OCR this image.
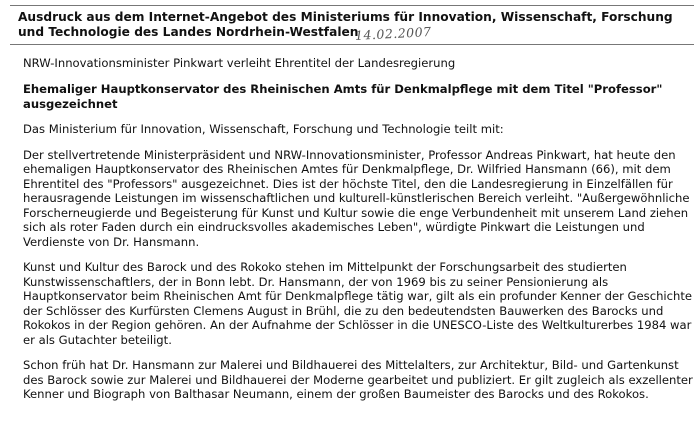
Ausdruck aus dem Internet-Angebot des Ministeriums für Innovation, Wissenschaft, Forschung und Technologie des Landes Nordrhein-Westfalen

14.02.2007

NRW-Innovationsminister Pinkwart verleiht Ehrentitel der Landesregierung

Ehemaliger Hauptkonservator des Rheinischen Amts für Denkmalpflege mit dem Titel "Professor" ausgezeichnet

Das Ministerium für Innovation, Wissenschaft, Forschung und Technologie teilt mit:

Der stellvertretende Ministerpräsident und NRW-Innovationsminister, Professor Andreas Pinkwart, hat heute den ehemaligen Hauptkonservator des Rheinischen Amtes für Denkmalpflege, Dr. Wilfried Hansmann (66), mit dem Ehrentitel des "Professors" ausgezeichnet. Dies ist der höchste Titel, den die Landesregierung in Einzelfällen für herausragende Leistungen im wissenschaftlichen und kulturell-künstlerischen Bereich verleiht. "Außergewöhnliche Forscherneugierde und Begeisterung für Kunst und Kultur sowie die enge Verbundenheit mit unserem Land ziehen sich als roter Faden durch ein eindrucksvolles akademisches Leben", würdigte Pinkwart die Leistungen und Verdienste von Dr. Hansmann.

Kunst und Kultur des Barock und des Rokoko stehen im Mittelpunkt der Forschungsarbeit des studierten Kunstwissenschaftlers, der in Bonn lebt. Dr. Hansmann, der von 1969 bis zu seiner Pensionierung als Hauptkonservator beim Rheinischen Amt für Denkmalpflege tätig war, gilt als ein profunder Kenner der Geschichte der Schlösser des Kurfürsten Clemens August in Brühl, die zu den bedeutendsten Bauwerken des Barocks und Rokokos in der Region gehören. An der Aufnahme der Schlösser in die UNESCO-Liste des Weltkulturerbes 1984 war er als Gutachter beteiligt.

Schon früh hat Dr. Hansmann zur Malerei und Bildhauerei des Mittelalters, zur Architektur, Bild- und Gartenkunst des Barock sowie zur Malerei und Bildhauerei der Moderne gearbeitet und publiziert. Er gilt zugleich als exzellenter Kenner und Biograph von Balthasar Neumann, einem der großen Baumeister des Barocks und des Rokokos.
